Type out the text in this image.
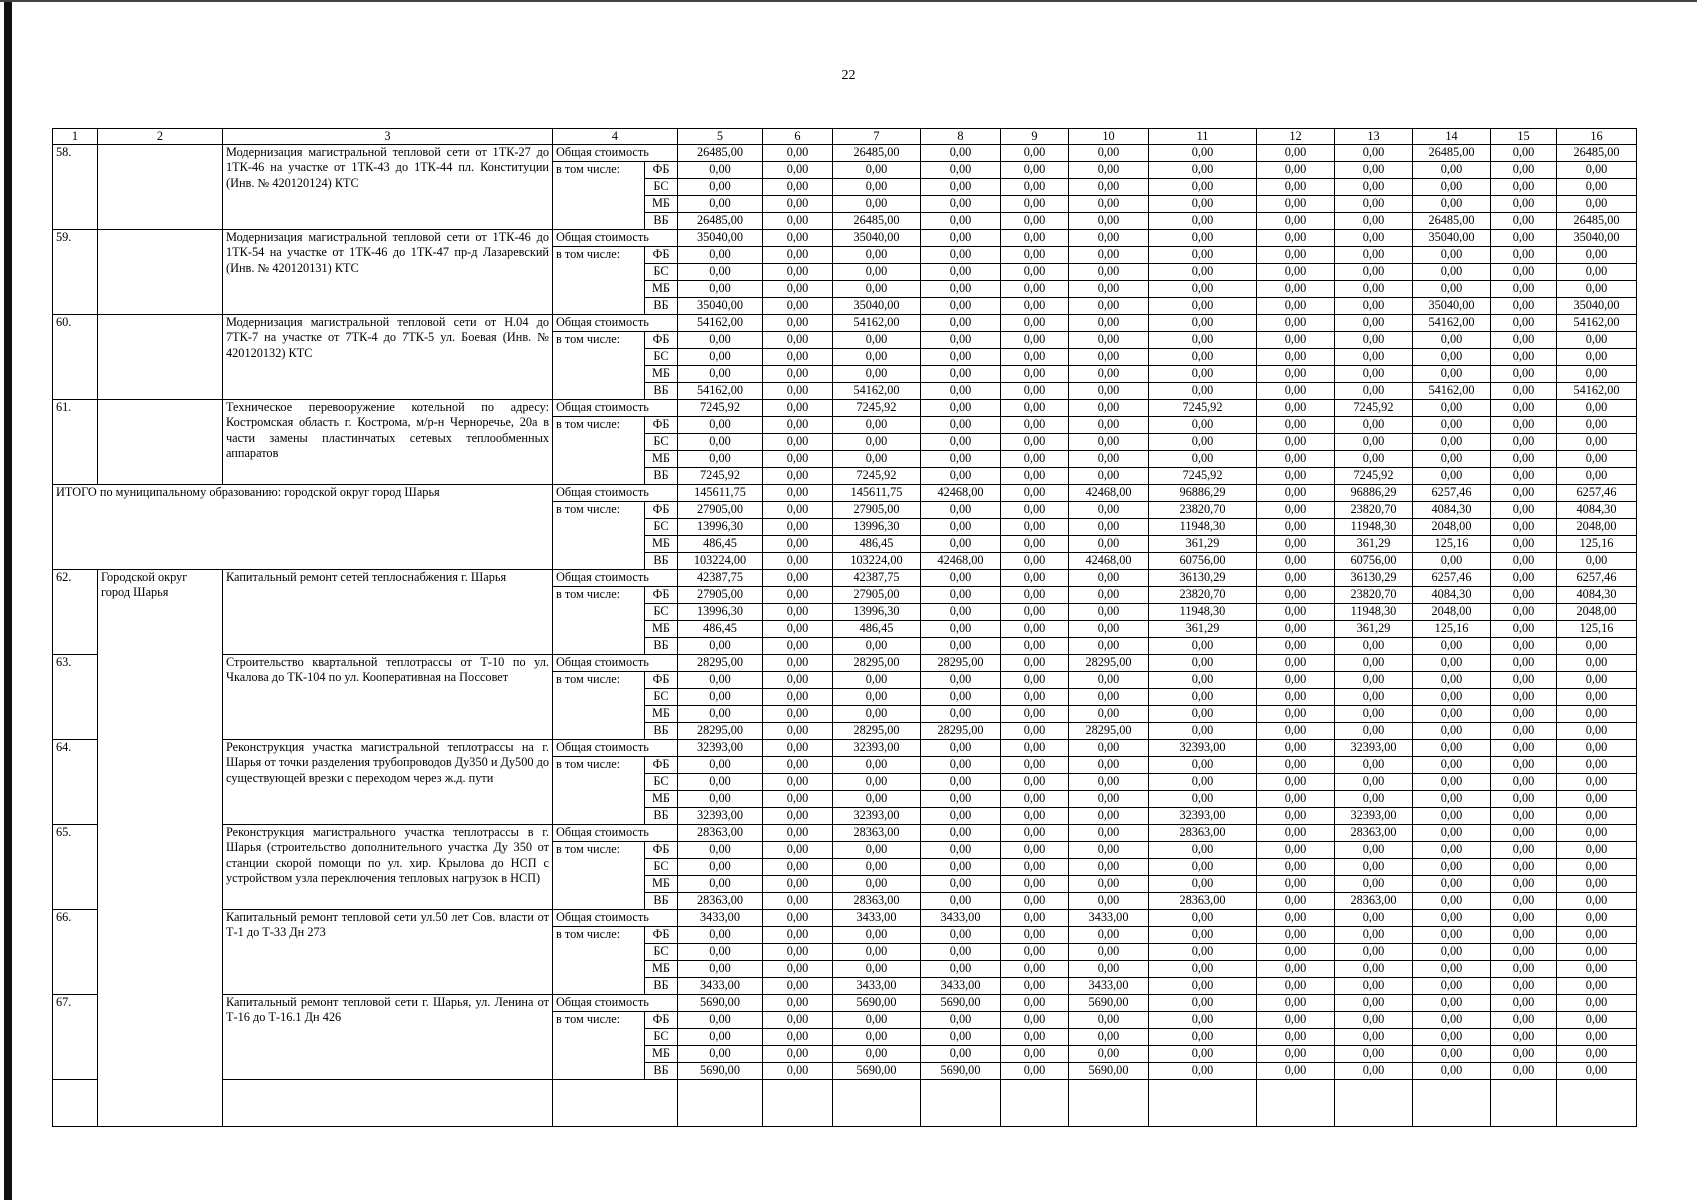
22
1	2	3	4		5	6	7	8	9	10	11	12	13	14	15	16
58.		Модернизация магистральной тепловой сети от 1ТК-27 до 1ТК-46 на участке от 1ТК-43 до 1ТК-44 пл. Конституции (Инв. № 420120124) КТС	Общая стоимость		26485,00	0,00	26485,00	0,00	0,00	0,00	0,00	0,00	0,00	26485,00	0,00	26485,00
			в том числе:	ФБ	0,00	0,00	0,00	0,00	0,00	0,00	0,00	0,00	0,00	0,00	0,00	0,00
				БС	0,00	0,00	0,00	0,00	0,00	0,00	0,00	0,00	0,00	0,00	0,00	0,00
				МБ	0,00	0,00	0,00	0,00	0,00	0,00	0,00	0,00	0,00	0,00	0,00	0,00
				ВБ	26485,00	0,00	26485,00	0,00	0,00	0,00	0,00	0,00	0,00	26485,00	0,00	26485,00
59.		Модернизация магистральной тепловой сети от 1ТК-46 до 1ТК-54 на участке от 1ТК-46 до 1ТК-47 пр-д Лазаревский (Инв. № 420120131) КТС	Общая стоимость		35040,00	0,00	35040,00	0,00	0,00	0,00	0,00	0,00	0,00	35040,00	0,00	35040,00
			в том числе:	ФБ	0,00	0,00	0,00	0,00	0,00	0,00	0,00	0,00	0,00	0,00	0,00	0,00
				БС	0,00	0,00	0,00	0,00	0,00	0,00	0,00	0,00	0,00	0,00	0,00	0,00
				МБ	0,00	0,00	0,00	0,00	0,00	0,00	0,00	0,00	0,00	0,00	0,00	0,00
				ВБ	35040,00	0,00	35040,00	0,00	0,00	0,00	0,00	0,00	0,00	35040,00	0,00	35040,00
60.		Модернизация магистральной тепловой сети от Н.04 до 7ТК-7 на участке от 7ТК-4 до 7ТК-5 ул. Боевая (Инв. № 420120132) КТС	Общая стоимость		54162,00	0,00	54162,00	0,00	0,00	0,00	0,00	0,00	0,00	54162,00	0,00	54162,00
			в том числе:	ФБ	0,00	0,00	0,00	0,00	0,00	0,00	0,00	0,00	0,00	0,00	0,00	0,00
				БС	0,00	0,00	0,00	0,00	0,00	0,00	0,00	0,00	0,00	0,00	0,00	0,00
				МБ	0,00	0,00	0,00	0,00	0,00	0,00	0,00	0,00	0,00	0,00	0,00	0,00
				ВБ	54162,00	0,00	54162,00	0,00	0,00	0,00	0,00	0,00	0,00	54162,00	0,00	54162,00
61.		Техническое перевооружение котельной по адресу: Костромская область г. Кострома, м/р-н Черноречье, 20а в части замены пластинчатых сетевых теплообменных аппаратов	Общая стоимость		7245,92	0,00	7245,92	0,00	0,00	0,00	7245,92	0,00	7245,92	0,00	0,00	0,00
			в том числе:	ФБ	0,00	0,00	0,00	0,00	0,00	0,00	0,00	0,00	0,00	0,00	0,00	0,00
				БС	0,00	0,00	0,00	0,00	0,00	0,00	0,00	0,00	0,00	0,00	0,00	0,00
				МБ	0,00	0,00	0,00	0,00	0,00	0,00	0,00	0,00	0,00	0,00	0,00	0,00
				ВБ	7245,92	0,00	7245,92	0,00	0,00	0,00	7245,92	0,00	7245,92	0,00	0,00	0,00
ИТОГО по муниципальному образованию: городской округ город Шарья			Общая стоимость		145611,75	0,00	145611,75	42468,00	0,00	42468,00	96886,29	0,00	96886,29	6257,46	0,00	6257,46
			в том числе:	ФБ	27905,00	0,00	27905,00	0,00	0,00	0,00	23820,70	0,00	23820,70	4084,30	0,00	4084,30
				БС	13996,30	0,00	13996,30	0,00	0,00	0,00	11948,30	0,00	11948,30	2048,00	0,00	2048,00
				МБ	486,45	0,00	486,45	0,00	0,00	0,00	361,29	0,00	361,29	125,16	0,00	125,16
				ВБ	103224,00	0,00	103224,00	42468,00	0,00	42468,00	60756,00	0,00	60756,00	0,00	0,00	0,00
62.	Городской округ город Шарья	Капитальный ремонт сетей теплоснабжения г. Шарья	Общая стоимость		42387,75	0,00	42387,75	0,00	0,00	0,00	36130,29	0,00	36130,29	6257,46	0,00	6257,46
			в том числе:	ФБ	27905,00	0,00	27905,00	0,00	0,00	0,00	23820,70	0,00	23820,70	4084,30	0,00	4084,30
				БС	13996,30	0,00	13996,30	0,00	0,00	0,00	11948,30	0,00	11948,30	2048,00	0,00	2048,00
				МБ	486,45	0,00	486,45	0,00	0,00	0,00	361,29	0,00	361,29	125,16	0,00	125,16
				ВБ	0,00	0,00	0,00	0,00	0,00	0,00	0,00	0,00	0,00	0,00	0,00	0,00
63.		Строительство квартальной теплотрассы от Т-10 по ул. Чкалова до ТК-104 по ул. Кооперативная на Поссовет	Общая стоимость		28295,00	0,00	28295,00	28295,00	0,00	28295,00	0,00	0,00	0,00	0,00	0,00	0,00
			в том числе:	ФБ	0,00	0,00	0,00	0,00	0,00	0,00	0,00	0,00	0,00	0,00	0,00	0,00
				БС	0,00	0,00	0,00	0,00	0,00	0,00	0,00	0,00	0,00	0,00	0,00	0,00
				МБ	0,00	0,00	0,00	0,00	0,00	0,00	0,00	0,00	0,00	0,00	0,00	0,00
				ВБ	28295,00	0,00	28295,00	28295,00	0,00	28295,00	0,00	0,00	0,00	0,00	0,00	0,00
64.		Реконструкция участка магистральной теплотрассы на г. Шарья от точки разделения трубопроводов Ду350 и Ду500 до существующей врезки с переходом через ж.д. пути	Общая стоимость		32393,00	0,00	32393,00	0,00	0,00	0,00	32393,00	0,00	32393,00	0,00	0,00	0,00
			в том числе:	ФБ	0,00	0,00	0,00	0,00	0,00	0,00	0,00	0,00	0,00	0,00	0,00	0,00
				БС	0,00	0,00	0,00	0,00	0,00	0,00	0,00	0,00	0,00	0,00	0,00	0,00
				МБ	0,00	0,00	0,00	0,00	0,00	0,00	0,00	0,00	0,00	0,00	0,00	0,00
				ВБ	32393,00	0,00	32393,00	0,00	0,00	0,00	32393,00	0,00	32393,00	0,00	0,00	0,00
65.		Реконструкция магистрального участка теплотрассы в г. Шарья (строительство дополнительного участка Ду 350 от станции скорой помощи по ул. хир. Крылова до НСП с устройством узла переключения тепловых нагрузок в НСП)	Общая стоимость		28363,00	0,00	28363,00	0,00	0,00	0,00	28363,00	0,00	28363,00	0,00	0,00	0,00
			в том числе:	ФБ	0,00	0,00	0,00	0,00	0,00	0,00	0,00	0,00	0,00	0,00	0,00	0,00
				БС	0,00	0,00	0,00	0,00	0,00	0,00	0,00	0,00	0,00	0,00	0,00	0,00
				МБ	0,00	0,00	0,00	0,00	0,00	0,00	0,00	0,00	0,00	0,00	0,00	0,00
				ВБ	28363,00	0,00	28363,00	0,00	0,00	0,00	28363,00	0,00	28363,00	0,00	0,00	0,00
66.		Капитальный ремонт тепловой сети ул.50 лет Сов. власти от Т-1 до Т-33 Дн 273	Общая стоимость		3433,00	0,00	3433,00	3433,00	0,00	3433,00	0,00	0,00	0,00	0,00	0,00	0,00
			в том числе:	ФБ	0,00	0,00	0,00	0,00	0,00	0,00	0,00	0,00	0,00	0,00	0,00	0,00
				БС	0,00	0,00	0,00	0,00	0,00	0,00	0,00	0,00	0,00	0,00	0,00	0,00
				МБ	0,00	0,00	0,00	0,00	0,00	0,00	0,00	0,00	0,00	0,00	0,00	0,00
				ВБ	3433,00	0,00	3433,00	3433,00	0,00	3433,00	0,00	0,00	0,00	0,00	0,00	0,00
67.		Капитальный ремонт тепловой сети г. Шарья, ул. Ленина от Т-16 до Т-16.1 Дн 426	Общая стоимость		5690,00	0,00	5690,00	5690,00	0,00	5690,00	0,00	0,00	0,00	0,00	0,00	0,00
			в том числе:	ФБ	0,00	0,00	0,00	0,00	0,00	0,00	0,00	0,00	0,00	0,00	0,00	0,00
				БС	0,00	0,00	0,00	0,00	0,00	0,00	0,00	0,00	0,00	0,00	0,00	0,00
				МБ	0,00	0,00	0,00	0,00	0,00	0,00	0,00	0,00	0,00	0,00	0,00	0,00
				ВБ	5690,00	0,00	5690,00	5690,00	0,00	5690,00	0,00	0,00	0,00	0,00	0,00	0,00
